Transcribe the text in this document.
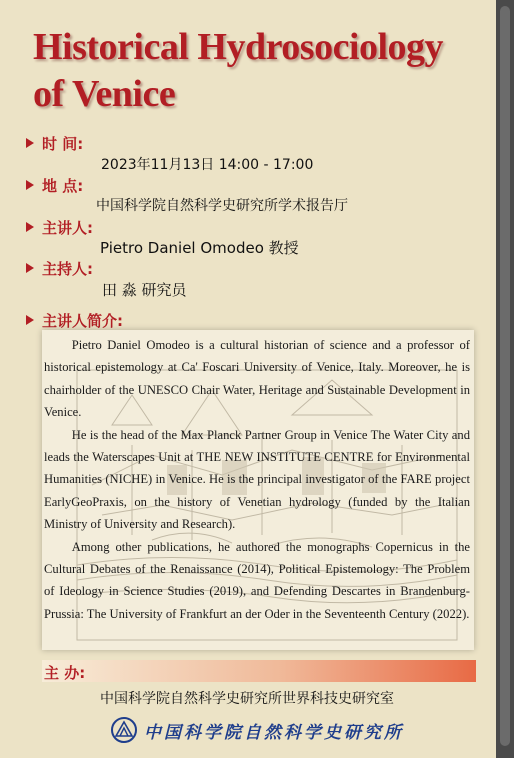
Historical Hydrosociology
of Venice
时 间:
2023年11月13日 14:00 - 17:00
地 点:
中国科学院自然科学史研究所学术报告厅
主讲人:
Pietro Daniel Omodeo 教授
主持人:
田 淼 研究员
主讲人简介:

Pietro Daniel Omodeo is a cultural historian of science and a professor of historical epistemology at Ca' Foscari University of Venice, Italy. Moreover, he is chairholder of the UNESCO Chair Water, Heritage and Sustainable Development in Venice.

He is the head of the Max Planck Partner Group in Venice The Water City and leads the Waterscapes Unit at THE NEW INSTITUTE CENTRE for Environmental Humanities (NICHE) in Venice. He is the principal investigator of the FARE project EarlyGeoPraxis, on the history of Venetian hydrology (funded by the Italian Ministry of University and Research).

Among other publications, he authored the monographs Copernicus in the Cultural Debates of the Renaissance (2014), Political Epistemology: The Problem of Ideology in Science Studies (2019), and Defending Descartes in Brandenburg-Prussia: The University of Frankfurt an der Oder in the Seventeenth Century (2022).

主 办:
中国科学院自然科学史研究所世界科技史研究室
中国科学院自然科学史研究所
